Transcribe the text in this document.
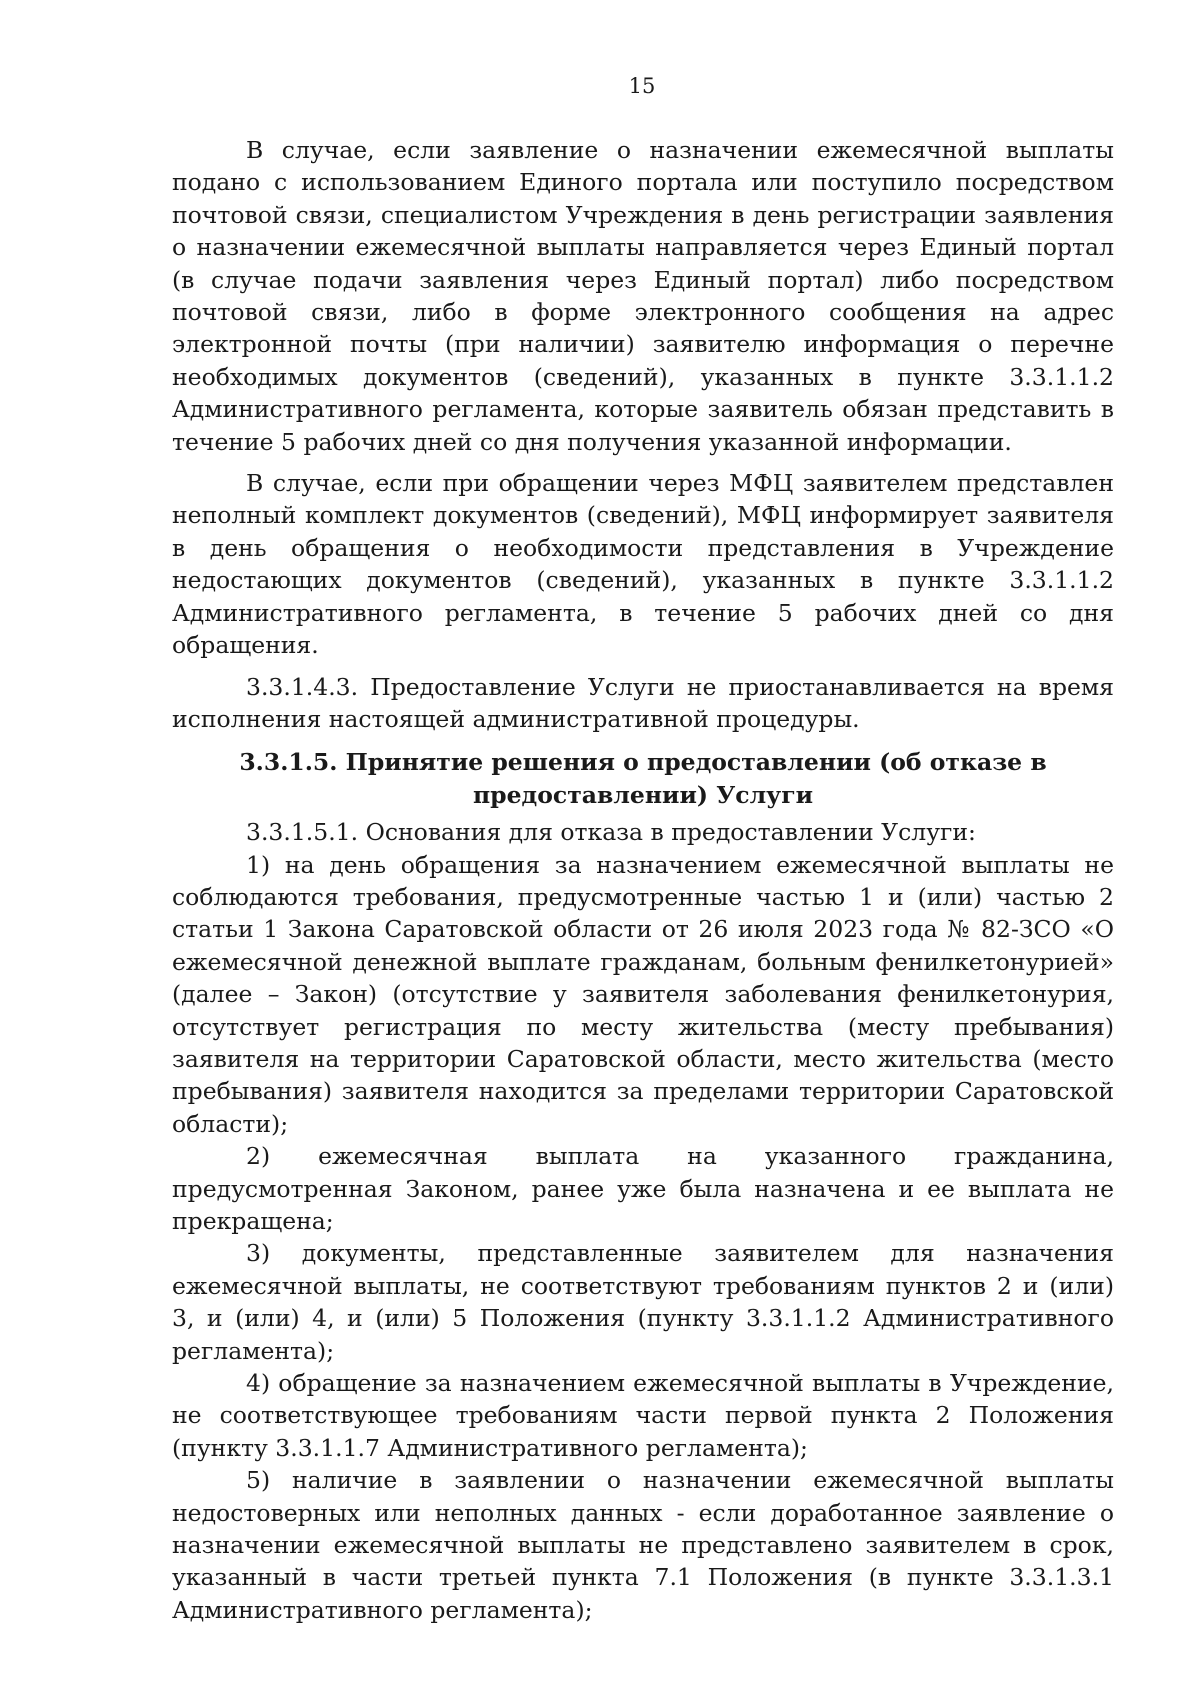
15

В случае, если заявление о назначении ежемесячной выплаты подано с использованием Единого портала или поступило посредством почтовой связи, специалистом Учреждения в день регистрации заявления о назначении ежемесячной выплаты направляется через Единый портал (в случае подачи заявления через Единый портал) либо посредством почтовой связи, либо в форме электронного сообщения на адрес электронной почты (при наличии) заявителю информация о перечне необходимых документов (сведений), указанных в пункте 3.3.1.1.2 Административного регламента, которые заявитель обязан представить в течение 5 рабочих дней со дня получения указанной информации.

В случае, если при обращении через МФЦ заявителем представлен неполный комплект документов (сведений), МФЦ информирует заявителя в день обращения о необходимости представления в Учреждение недостающих документов (сведений), указанных в пункте 3.3.1.1.2 Административного регламента, в течение 5 рабочих дней со дня обращения.

3.3.1.4.3. Предоставление Услуги не приостанавливается на время исполнения настоящей административной процедуры.

3.3.1.5. Принятие решения о предоставлении (об отказе в предоставлении) Услуги

3.3.1.5.1. Основания для отказа в предоставлении Услуги:

1) на день обращения за назначением ежемесячной выплаты не соблюдаются требования, предусмотренные частью 1 и (или) частью 2 статьи 1 Закона Саратовской области от 26 июля 2023 года № 82-ЗСО «О ежемесячной денежной выплате гражданам, больным фенилкетонурией» (далее – Закон) (отсутствие у заявителя заболевания фенилкетонурия, отсутствует регистрация по месту жительства (месту пребывания) заявителя на территории Саратовской области, место жительства (место пребывания) заявителя находится за пределами территории Саратовской области);

2) ежемесячная выплата на указанного гражданина, предусмотренная Законом, ранее уже была назначена и ее выплата не прекращена;

3) документы, представленные заявителем для назначения ежемесячной выплаты, не соответствуют требованиям пунктов 2 и (или) 3, и (или) 4, и (или) 5 Положения (пункту 3.3.1.1.2 Административного регламента);

4) обращение за назначением ежемесячной выплаты в Учреждение, не соответствующее требованиям части первой пункта 2 Положения (пункту 3.3.1.1.7 Административного регламента);

5) наличие в заявлении о назначении ежемесячной выплаты недостоверных или неполных данных - если доработанное заявление о назначении ежемесячной выплаты не представлено заявителем в срок, указанный в части третьей пункта 7.1 Положения (в пункте 3.3.1.3.1 Административного регламента);
